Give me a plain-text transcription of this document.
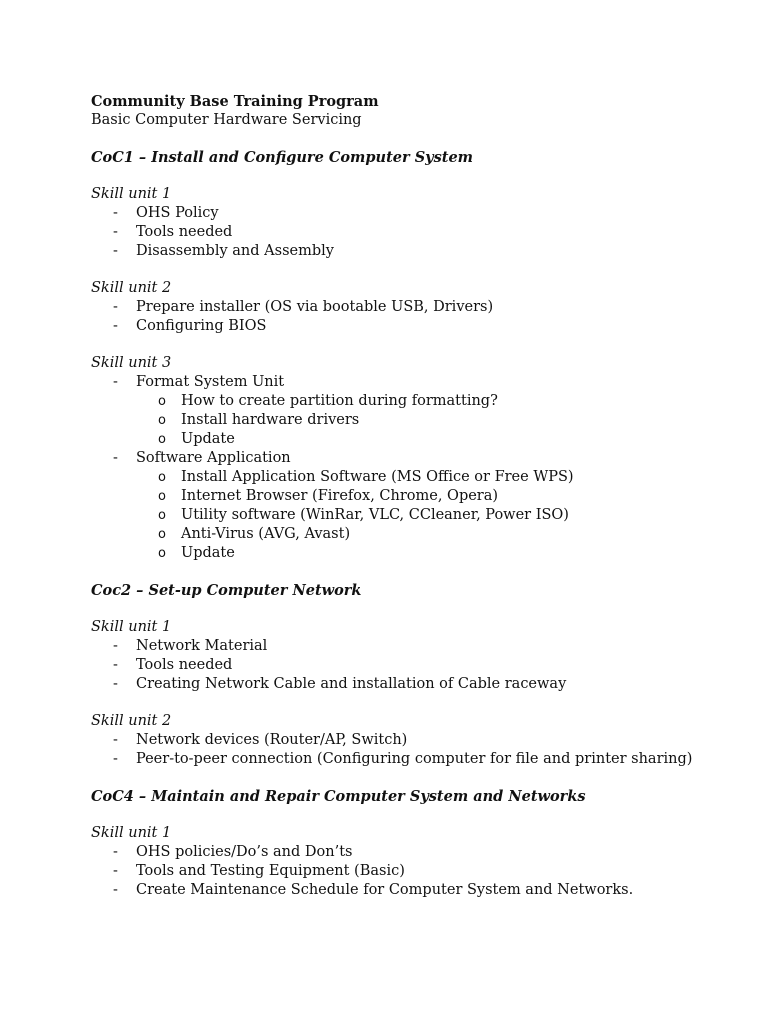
Community Base Training Program
Basic Computer Hardware Servicing
CoC1 – Install and Configure Computer System
Skill unit 1
- OHS Policy
- Tools needed
- Disassembly and Assembly
Skill unit 2
- Prepare installer (OS via bootable USB, Drivers)
- Configuring BIOS
Skill unit 3
- Format System Unit
o How to create partition during formatting?
o Install hardware drivers
o Update
- Software Application
o Install Application Software (MS Office or Free WPS)
o Internet Browser (Firefox, Chrome, Opera)
o Utility software (WinRar, VLC, CCleaner, Power ISO)
o Anti-Virus (AVG, Avast)
o Update
Coc2 – Set-up Computer Network
Skill unit 1
- Network Material
- Tools needed
- Creating Network Cable and installation of Cable raceway
Skill unit 2
- Network devices (Router/AP, Switch)
- Peer-to-peer connection (Configuring computer for file and printer sharing)
CoC4 – Maintain and Repair Computer System and Networks
Skill unit 1
- OHS policies/Do’s and Don’ts
- Tools and Testing Equipment (Basic)
- Create Maintenance Schedule for Computer System and Networks.
